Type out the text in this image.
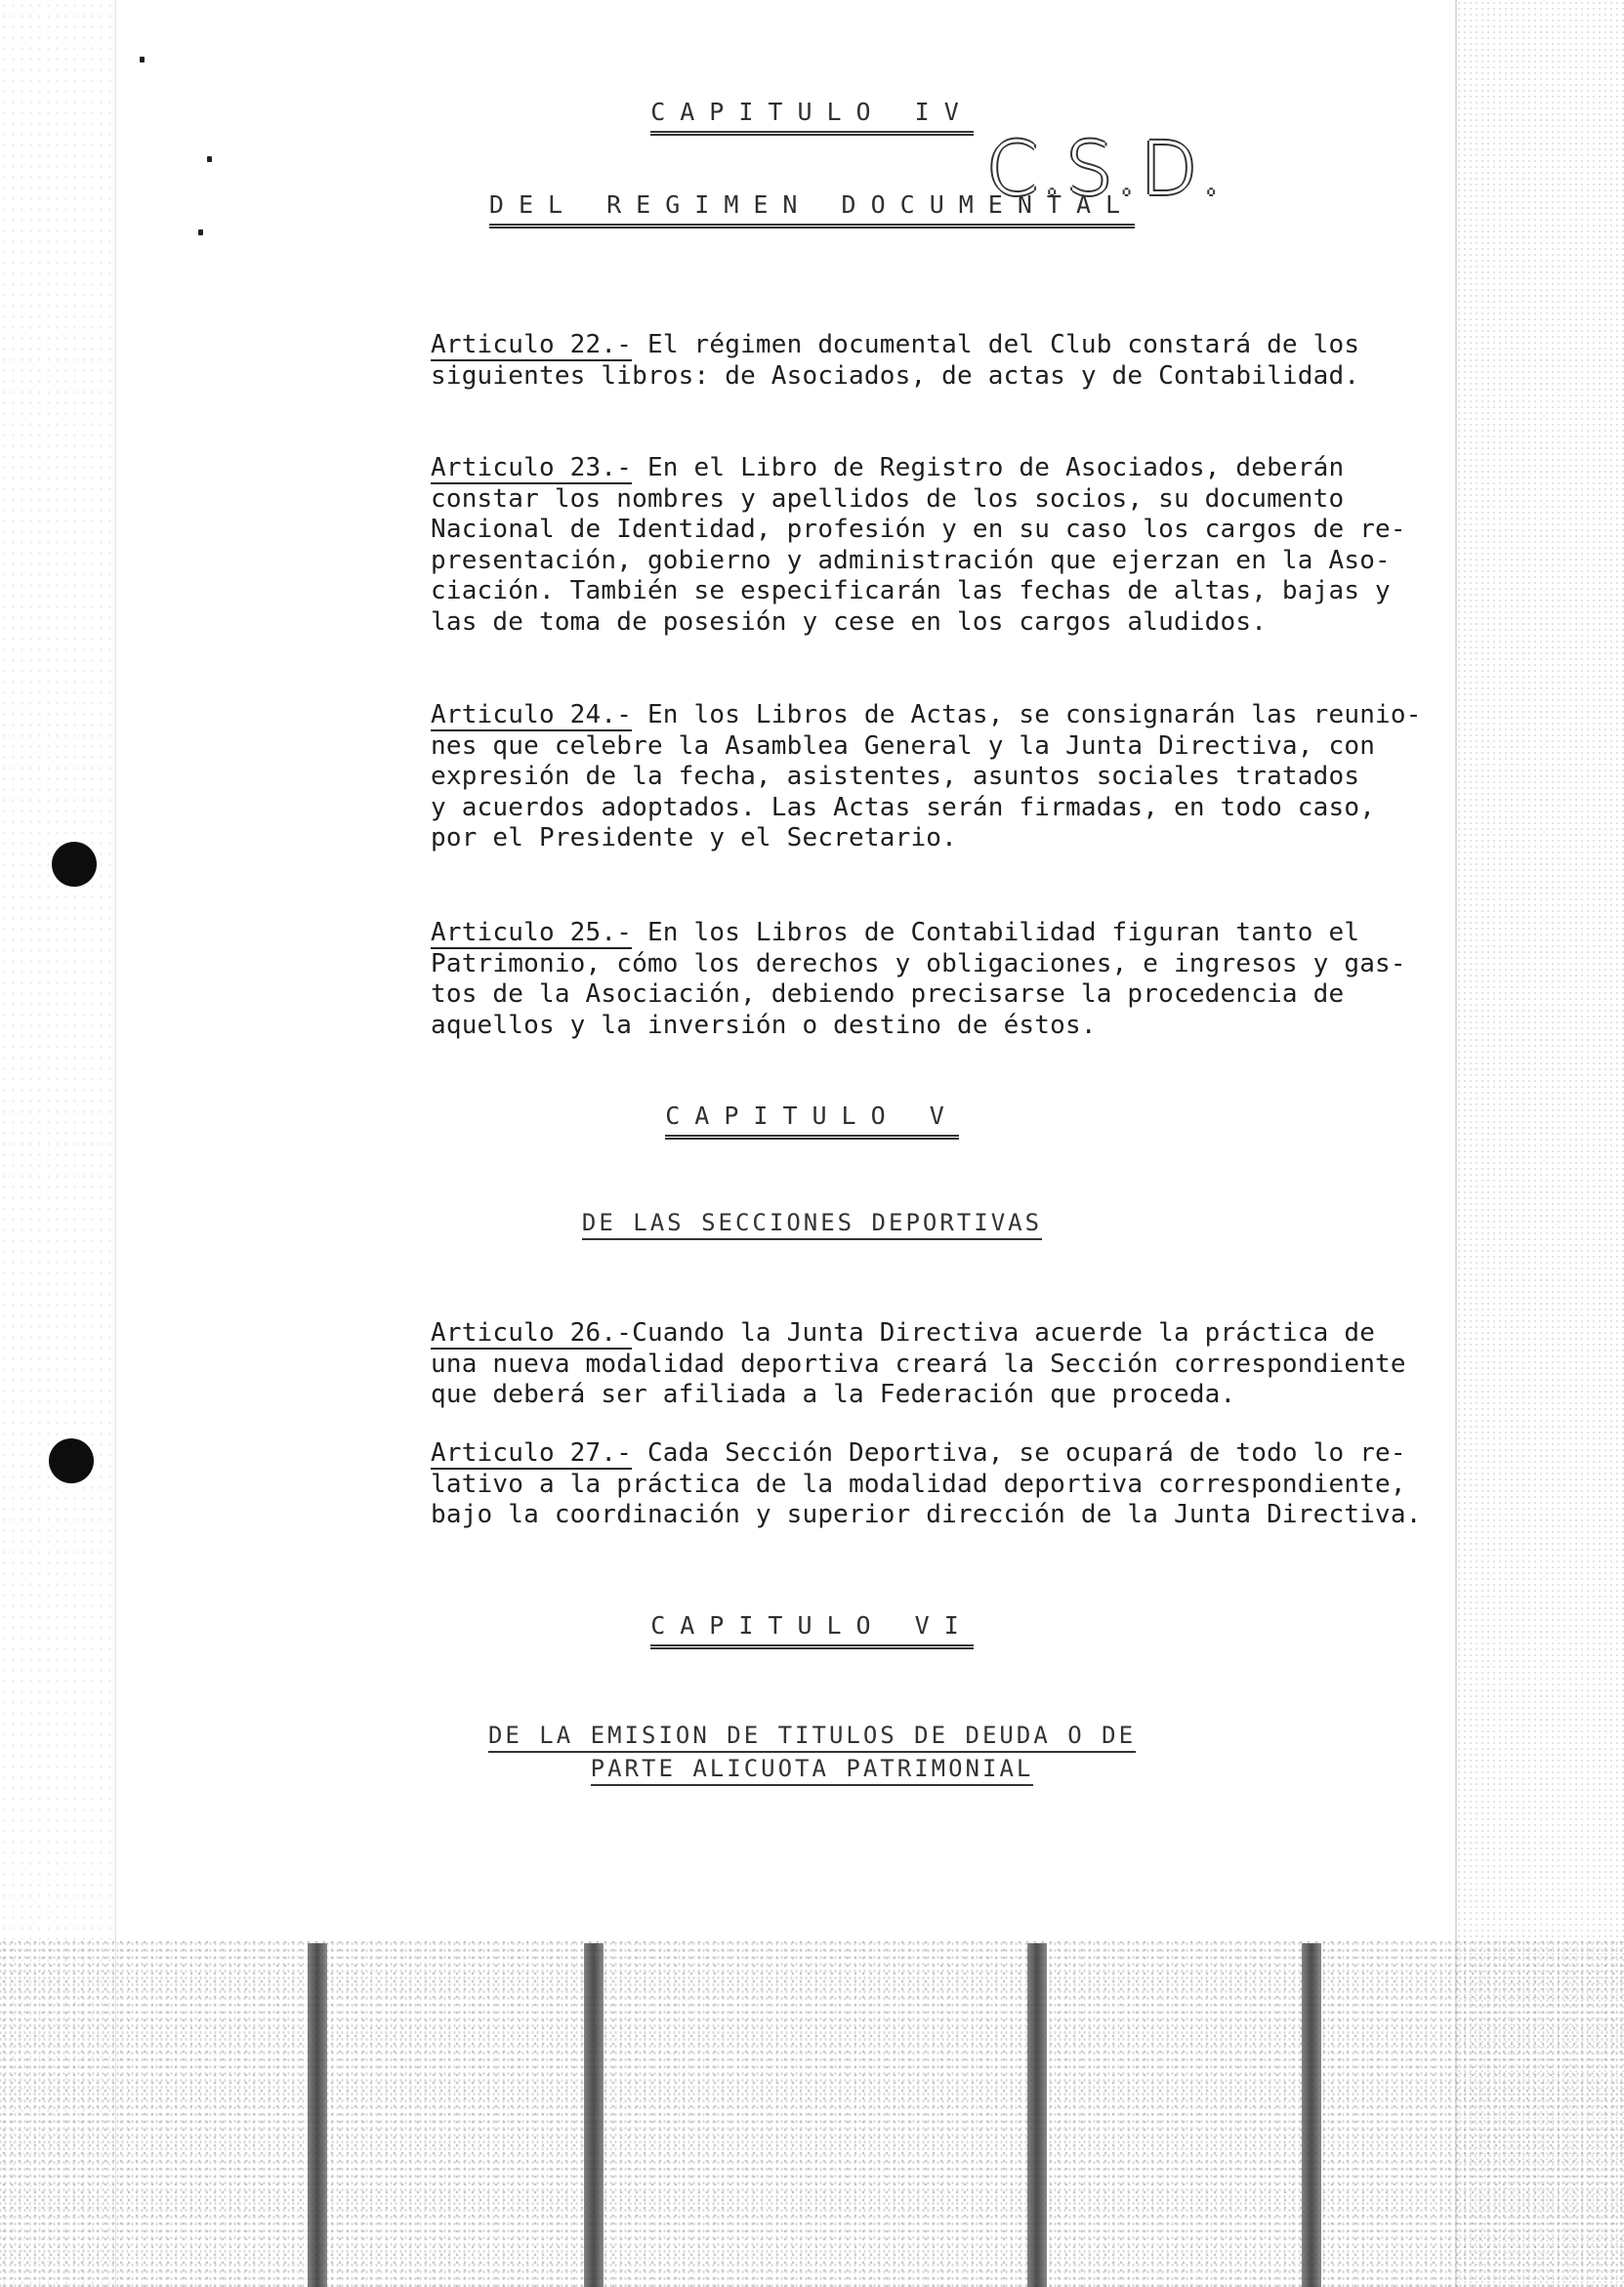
C.S.D.
CAPITULO IV
DEL REGIMEN DOCUMENTAL
Articulo 22.- El régimen documental del Club constará de los
siguientes libros: de Asociados, de actas y de Contabilidad.
Articulo 23.- En el Libro de Registro de Asociados, deberán
constar los nombres y apellidos de los socios, su documento
Nacional de Identidad, profesión y en su caso los cargos de re-
presentación, gobierno y administración que ejerzan en la Aso-
ciación. También se especificarán las fechas de altas, bajas y
las de toma de posesión y cese en los cargos aludidos.
Articulo 24.- En los Libros de Actas, se consignarán las reunio-
nes que celebre la Asamblea General y la Junta Directiva, con
expresión de la fecha, asistentes, asuntos sociales tratados
y acuerdos adoptados. Las Actas serán firmadas, en todo caso,
por el Presidente y el Secretario.
Articulo 25.- En los Libros de Contabilidad figuran tanto el
Patrimonio, cómo los derechos y obligaciones, e ingresos y gas-
tos de la Asociación, debiendo precisarse la procedencia de
aquellos y la inversión o destino de éstos.
CAPITULO V
DE LAS SECCIONES DEPORTIVAS
Articulo 26.-Cuando la Junta Directiva acuerde la práctica de
una nueva modalidad deportiva creará la Sección correspondiente
que deberá ser afiliada a la Federación que proceda.
Articulo 27.- Cada Sección Deportiva, se ocupará de todo lo re-
lativo a la práctica de la modalidad deportiva correspondiente,
bajo la coordinación y superior dirección de la Junta Directiva.
CAPITULO VI
DE LA EMISION DE TITULOS DE DEUDA O DE
PARTE ALICUOTA PATRIMONIAL
